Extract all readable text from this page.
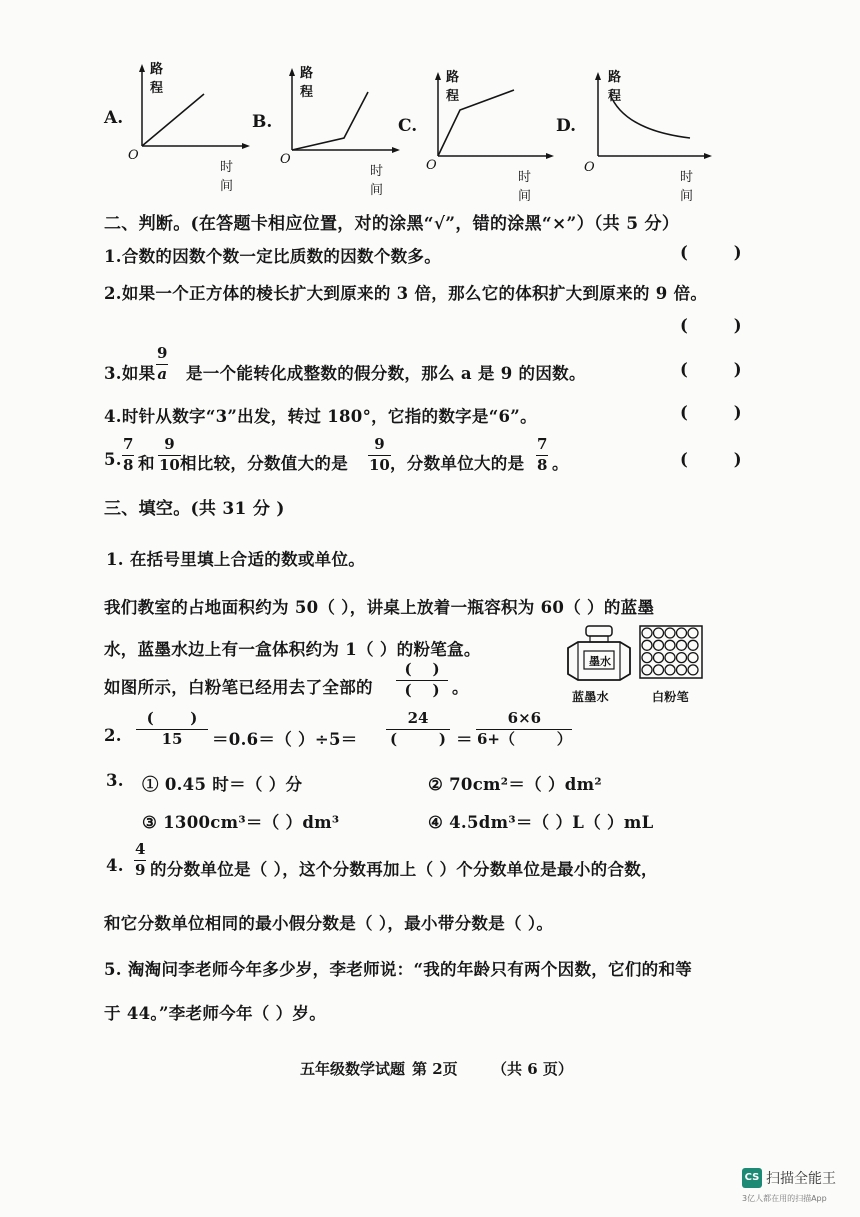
A.
路程
O
时间
B.
路程
O
时间
C.
路程
O
时间
D.
路程
O
时间
二、判断。(在答题卡相应位置，对的涂黑“√”，错的涂黑“×”）（共 5 分）
1.合数的因数个数一定比质数的因数个数多。	(        )
2.如果一个正方体的棱长扩大到原来的 3 倍，那么它的体积扩大到原来的 9 倍。
(        )
3.如果
9
a 是一个能转化成整数的假分数，那么 a 是 9 的因数。	(        )
4.时针从数字“3”出发，转过 180°，它指的数字是“6”。	(        )
5.
7
8 和
9
10 相比较，分数值大的是
9
10 ，分数单位大的是
7
8 。	(        )
三、填空。(共 31 分 )
1. 在括号里填上合适的数或单位。
我们教室的占地面积约为 50（ ），讲桌上放着一瓶容积为 60（ ）的蓝墨
水，蓝墨水边上有一盒体积约为 1（ ）的粉笔盒。
如图所示，白粉笔已经用去了全部的
(    )
(    ) 。
墨水
蓝墨水	白粉笔
2.
(       )
15 ＝0.6＝（ ）÷5＝
24
(        ) ＝
6×6
6+（        ）
3. ① 0.45 时＝（ ）分	② 70cm²＝（ ）dm²
③ 1300cm³＝（ ）dm³	④ 4.5dm³＝（ ）L（ ）mL
4.
4
9 的分数单位是（ ），这个分数再加上（ ）个分数单位是最小的合数，
和它分数单位相同的最小假分数是（ ），最小带分数是（ ）。
5. 淘淘问李老师今年多少岁，李老师说：“我的年龄只有两个因数，它们的和等
于 44。”李老师今年（ ）岁。
五年级数学试题 第 2页 （共 6 页）
CS 扫描全能王
3亿人都在用的扫描App
